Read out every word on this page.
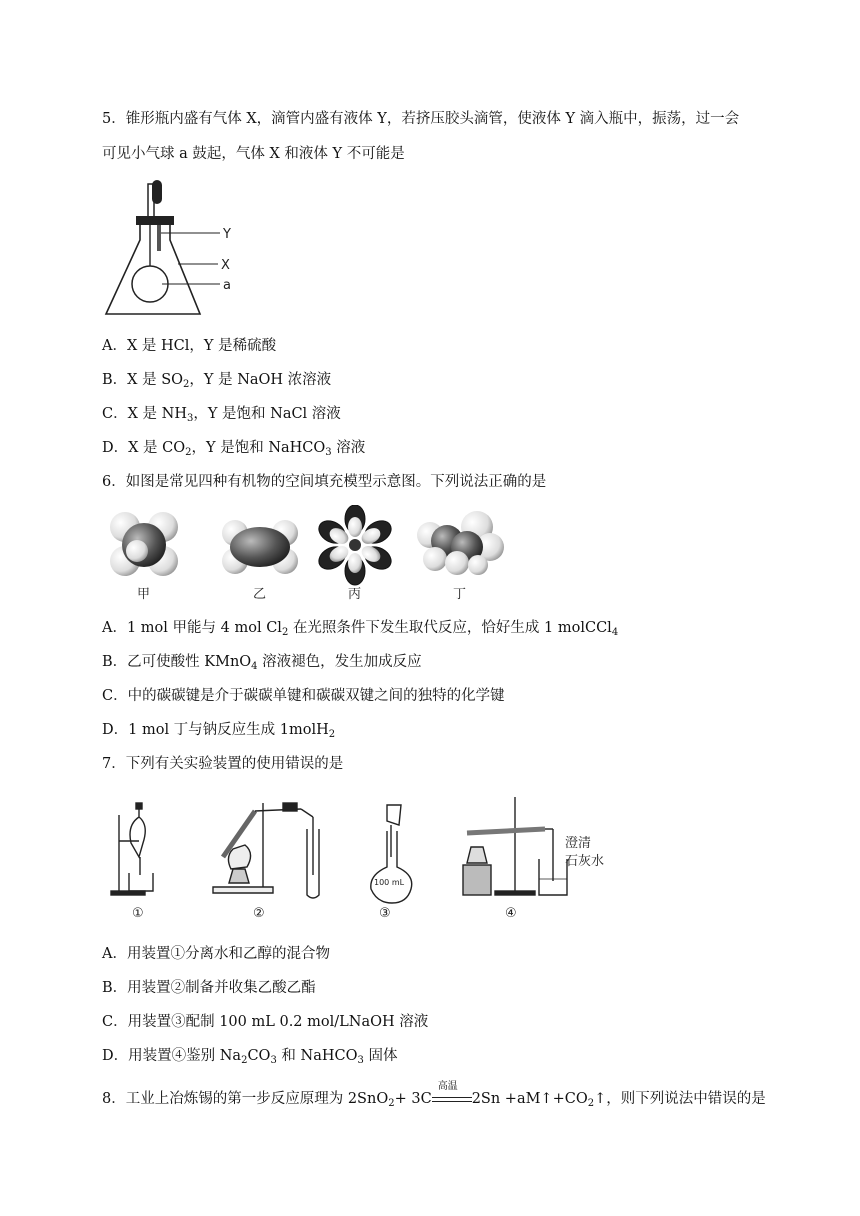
5．锥形瓶内盛有气体 X，滴管内盛有液体 Y，若挤压胶头滴管，使液体 Y 滴入瓶中，振荡，过一会
可见小气球 a 鼓起，气体 X 和液体 Y 不可能是
Y
X
a
A．X 是 HCl，Y 是稀硫酸
B．X 是 $SO_2$，Y 是 NaOH 浓溶液
C．X 是 $NH_3$，Y 是饱和 NaCl 溶液
D．X 是 $CO_2$，Y 是饱和 NaHCO$_3$ 溶液
6．如图是常见四种有机物的空间填充模型示意图。下列说法正确的是
甲	乙	丙	丁
A．1 mol 甲能与 4 mol $Cl_2$ 在光照条件下发生取代反应，恰好生成 1 molCCl$_4$
B．乙可使酸性 KMnO$_4$ 溶液褪色，发生加成反应
C．中的碳碳键是介于碳碳单键和碳碳双键之间的独特的化学键
D．1 mol 丁与钠反应生成 1molH$_2$
7．下列有关实验装置的使用错误的是
100 mL
澄清
石灰水
①	②	③	④
A．用装置①分离水和乙醇的混合物
B．用装置②制备并收集乙酸乙酯
C．用装置③配制 100 mL 0.2 mol/LNaOH 溶液
D．用装置④鉴别 $Na_2CO_3$ 和 NaHCO$_3$ 固体
8．工业上冶炼锡的第一步反应原理为 2SnO$_2$+ 3C
高温
$2Sn +aM↑+CO_2↑$，则下列说法中错误的是
